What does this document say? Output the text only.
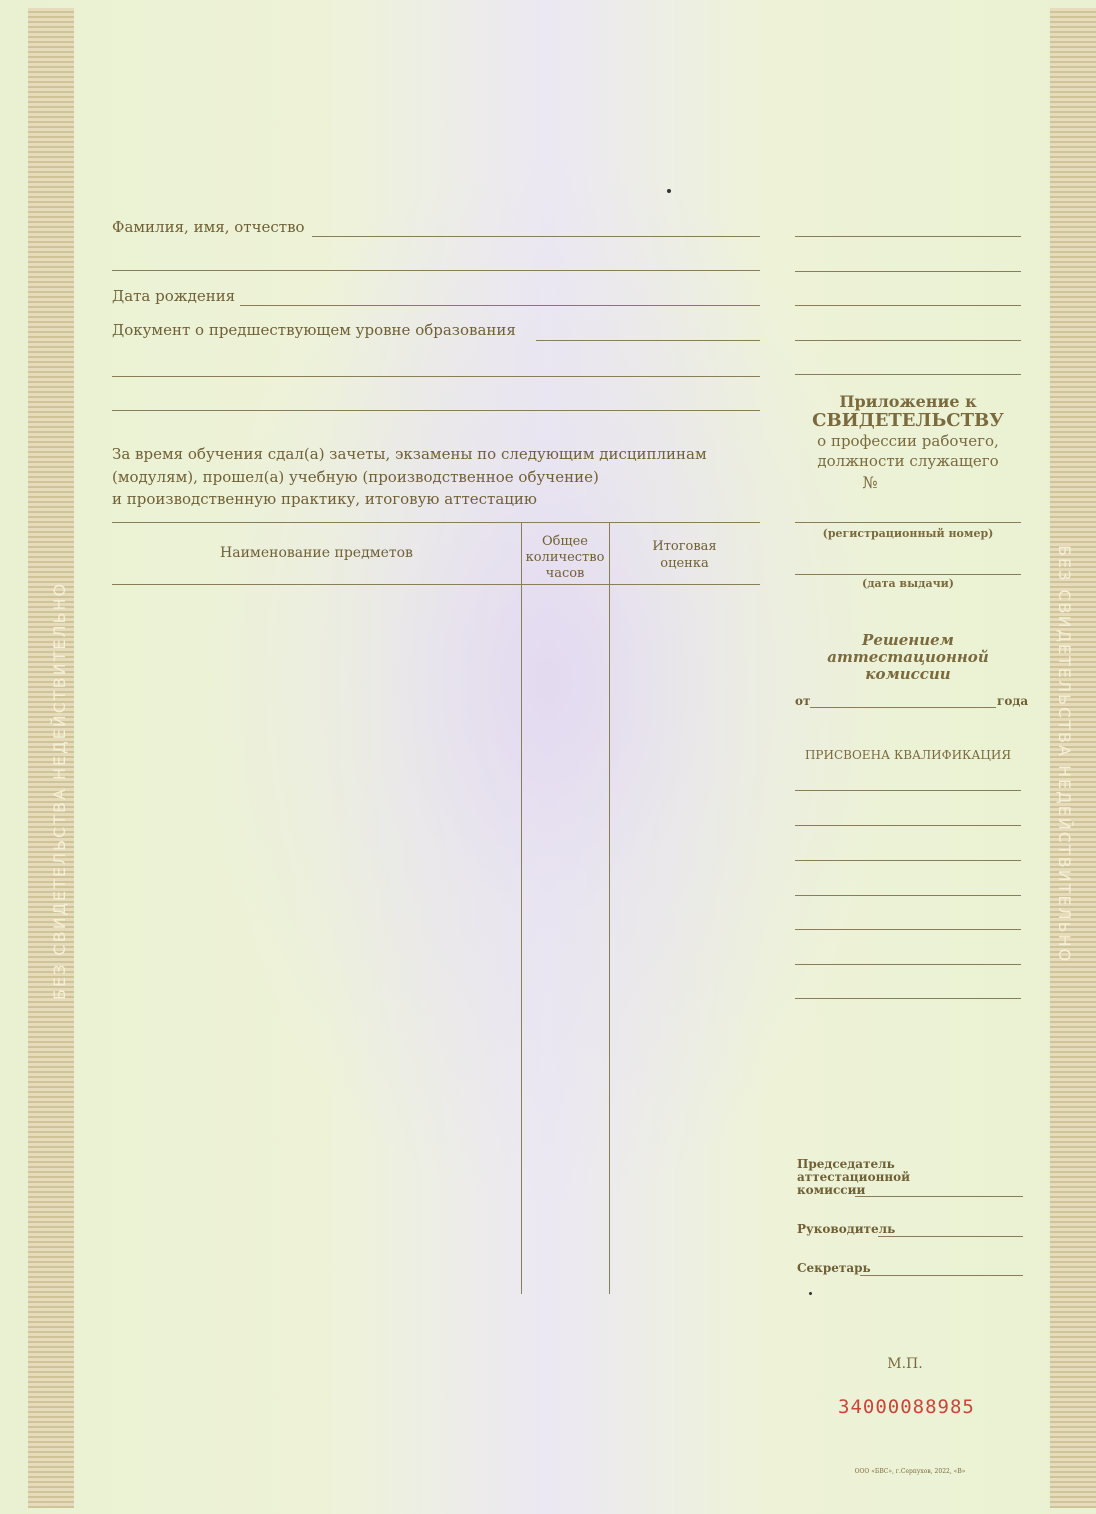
БЕЗ СВИДЕТЕЛЬСТВА НЕДЕЙСТВИТЕЛЬНО	БЕЗ СВИДЕТЕЛЬСТВА НЕДЕЙСТВИТЕЛЬНО
Фамилия, имя, отчество
Дата рождения
Документ о предшествующем уровне образования
За время обучения сдал(а) зачеты, экзамены по следующим дисциплинам
(модулям), прошел(а) учебную (производственное обучение)
и производственную практику, итоговую аттестацию
Наименование предметов
Общее
количество
часов
Итоговая
оценка
Приложение к
СВИДЕТЕЛЬСТВУ
о профессии рабочего,
должности служащего
№
(регистрационный номер)
(дата выдачи)
Решением
аттестационной
комиссии
от	года
ПРИСВОЕНА КВАЛИФИКАЦИЯ
Председатель
аттестационной
комиссии
Руководитель
Секретарь
М.П.
34000088985
ООО «БВС», г.Серпухов, 2022, «В»
